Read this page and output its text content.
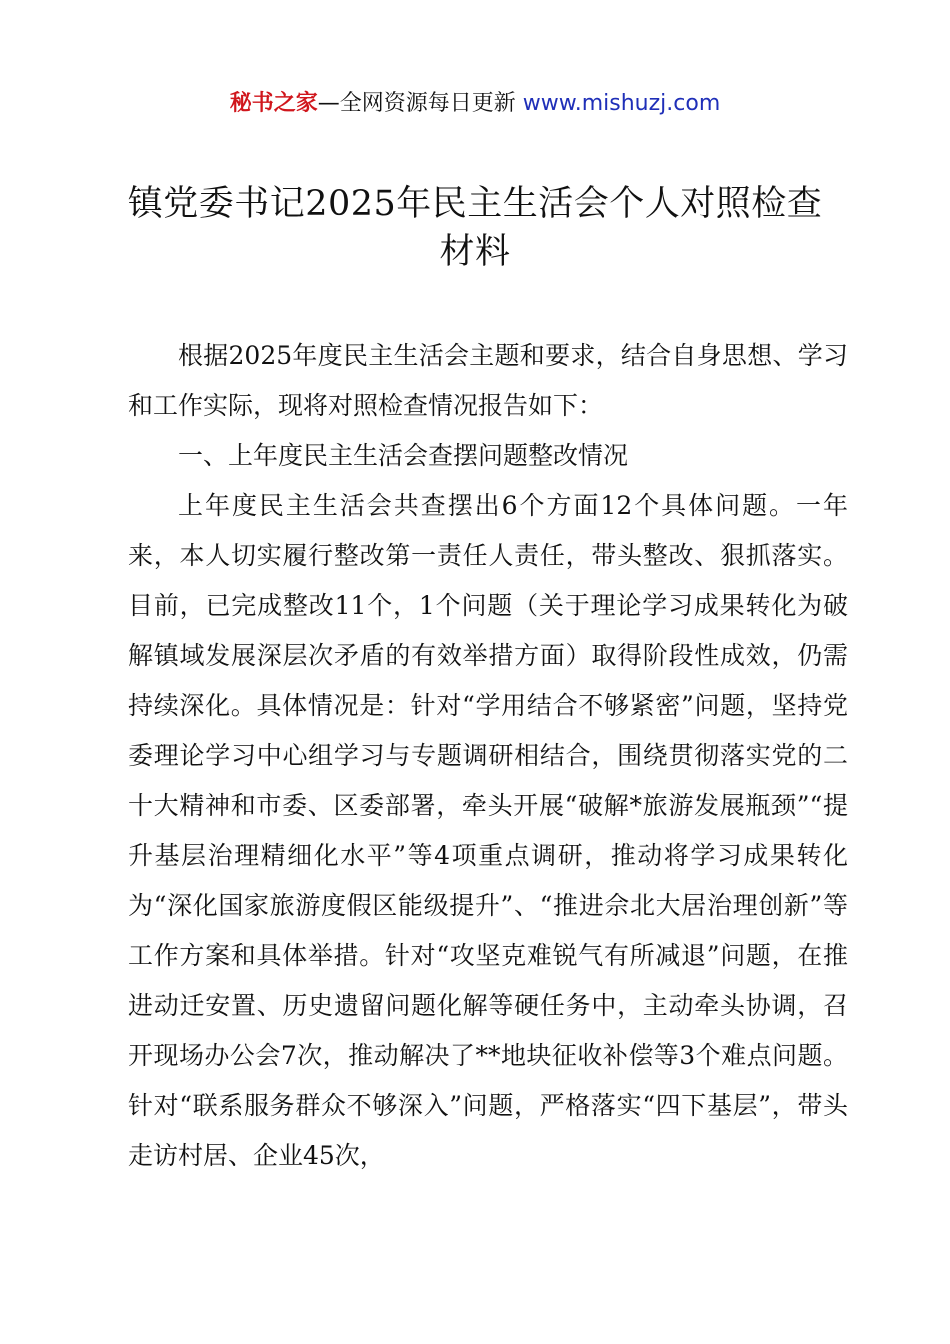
秘书之家—全网资源每日更新 www.mishuzj.com
镇党委书记2025年民主生活会个人对照检查材料

根据2025年度民主生活会主题和要求，结合自身思想、学习和工作实际，现将对照检查情况报告如下：

一、上年度民主生活会查摆问题整改情况

上年度民主生活会共查摆出6个方面12个具体问题。一年来，本人切实履行整改第一责任人责任，带头整改、狠抓落实。目前，已完成整改11个，1个问题（关于理论学习成果转化为破解镇域发展深层次矛盾的有效举措方面）取得阶段性成效，仍需持续深化。具体情况是：针对“学用结合不够紧密”问题，坚持党委理论学习中心组学习与专题调研相结合，围绕贯彻落实党的二十大精神和市委、区委部署，牵头开展“破解*旅游发展瓶颈”“提升基层治理精细化水平”等4项重点调研，推动将学习成果转化为“深化国家旅游度假区能级提升”、“推进佘北大居治理创新”等工作方案和具体举措。针对“攻坚克难锐气有所减退”问题，在推进动迁安置、历史遗留问题化解等硬任务中，主动牵头协调，召开现场办公会7次，推动解决了**地块征收补偿等3个难点问题。针对“联系服务群众不够深入”问题，严格落实“四下基层”，带头走访村居、企业45次，
